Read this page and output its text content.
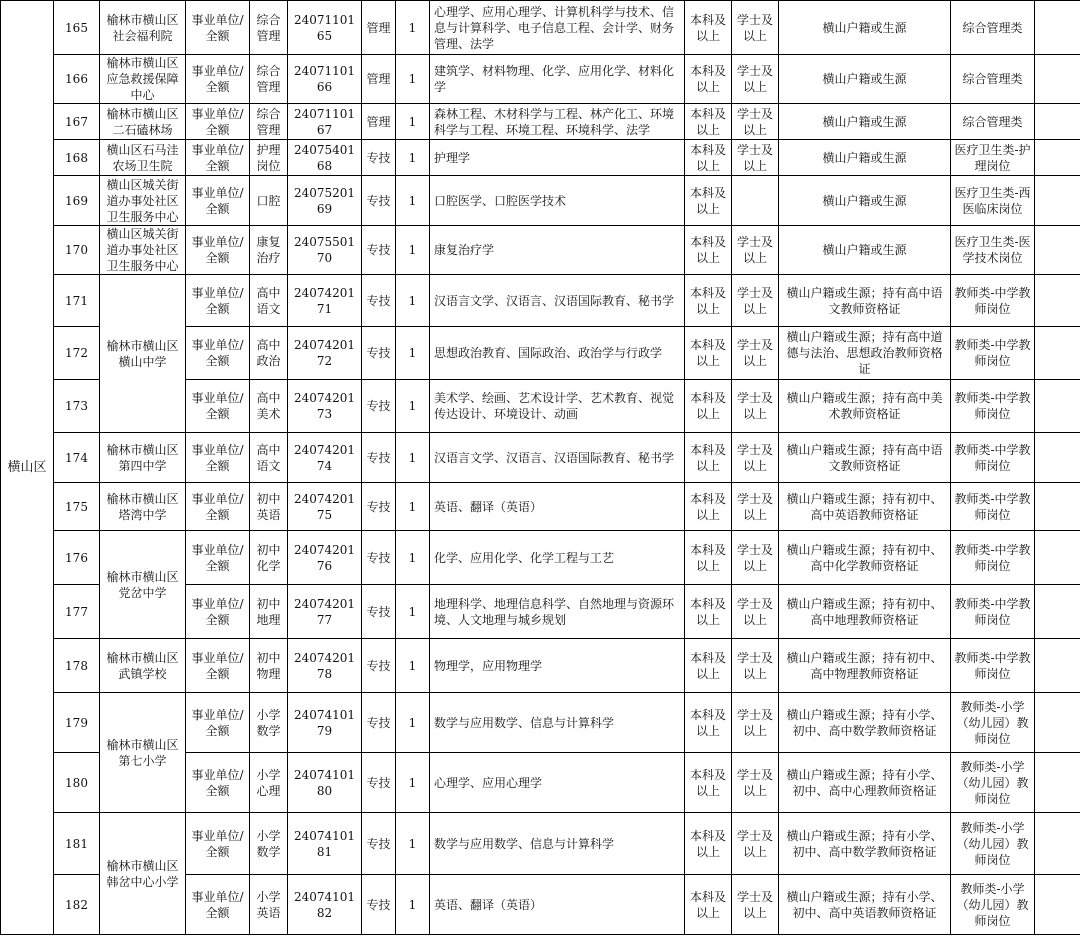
横山区	165	榆林市横山区社会福利院	事业单位/全额	综合管理	2407110165	管理	1	心理学、应用心理学、计算机科学与技术、信息与计算科学、电子信息工程、会计学、财务管理、法学	本科及以上	学士及以上	横山户籍或生源	综合管理类	
	166	榆林市横山区应急救援保障中心	事业单位/全额	综合管理	2407110166	管理	1	建筑学、材料物理、化学、应用化学、材料化学	本科及以上	学士及以上	横山户籍或生源	综合管理类	
	167	榆林市横山区二石磕林场	事业单位/全额	综合管理	2407110167	管理	1	森林工程、木材科学与工程、林产化工、环境科学与工程、环境工程、环境科学、法学	本科及以上	学士及以上	横山户籍或生源	综合管理类	
	168	横山区石马洼农场卫生院	事业单位/全额	护理岗位	2407540168	专技	1	护理学	本科及以上	学士及以上	横山户籍或生源	医疗卫生类-护理岗位	
	169	横山区城关街道办事处社区卫生服务中心	事业单位/全额	口腔	2407520169	专技	1	口腔医学、口腔医学技术	本科及以上		横山户籍或生源	医疗卫生类-西医临床岗位	
	170	横山区城关街道办事处社区卫生服务中心	事业单位/全额	康复治疗	2407550170	专技	1	康复治疗学	本科及以上	学士及以上	横山户籍或生源	医疗卫生类-医学技术岗位	
	171	榆林市横山区横山中学	事业单位/全额	高中语文	2407420171	专技	1	汉语言文学、汉语言、汉语国际教育、秘书学	本科及以上	学士及以上	横山户籍或生源；持有高中语文教师资格证	教师类-中学教师岗位	
	172		事业单位/全额	高中政治	2407420172	专技	1	思想政治教育、国际政治、政治学与行政学	本科及以上	学士及以上	横山户籍或生源；持有高中道德与法治、思想政治教师资格证	教师类-中学教师岗位	
	173		事业单位/全额	高中美术	2407420173	专技	1	美术学、绘画、艺术设计学、艺术教育、视觉传达设计、环境设计、动画	本科及以上	学士及以上	横山户籍或生源；持有高中美术教师资格证	教师类-中学教师岗位	
	174	榆林市横山区第四中学	事业单位/全额	高中语文	2407420174	专技	1	汉语言文学、汉语言、汉语国际教育、秘书学	本科及以上	学士及以上	横山户籍或生源；持有高中语文教师资格证	教师类-中学教师岗位	
	175	榆林市横山区塔湾中学	事业单位/全额	初中英语	2407420175	专技	1	英语、翻译（英语）	本科及以上	学士及以上	横山户籍或生源；持有初中、高中英语教师资格证	教师类-中学教师岗位	
	176	榆林市横山区党岔中学	事业单位/全额	初中化学	2407420176	专技	1	化学、应用化学、化学工程与工艺	本科及以上	学士及以上	横山户籍或生源；持有初中、高中化学教师资格证	教师类-中学教师岗位	
	177		事业单位/全额	初中地理	2407420177	专技	1	地理科学、地理信息科学、自然地理与资源环境、人文地理与城乡规划	本科及以上	学士及以上	横山户籍或生源；持有初中、高中地理教师资格证	教师类-中学教师岗位	
	178	榆林市横山区武镇学校	事业单位/全额	初中物理	2407420178	专技	1	物理学，应用物理学	本科及以上	学士及以上	横山户籍或生源；持有初中、高中物理教师资格证	教师类-中学教师岗位	
	179	榆林市横山区第七小学	事业单位/全额	小学数学	2407410179	专技	1	数学与应用数学、信息与计算科学	本科及以上	学士及以上	横山户籍或生源；持有小学、初中、高中数学教师资格证	教师类-小学（幼儿园）教师岗位	
	180		事业单位/全额	小学心理	2407410180	专技	1	心理学、应用心理学	本科及以上	学士及以上	横山户籍或生源；持有小学、初中、高中心理教师资格证	教师类-小学（幼儿园）教师岗位	
	181	榆林市横山区韩岔中心小学	事业单位/全额	小学数学	2407410181	专技	1	数学与应用数学、信息与计算科学	本科及以上	学士及以上	横山户籍或生源；持有小学、初中、高中数学教师资格证	教师类-小学（幼儿园）教师岗位	
	182		事业单位/全额	小学英语	2407410182	专技	1	英语、翻译（英语）	本科及以上	学士及以上	横山户籍或生源；持有小学、初中、高中英语教师资格证	教师类-小学（幼儿园）教师岗位	
